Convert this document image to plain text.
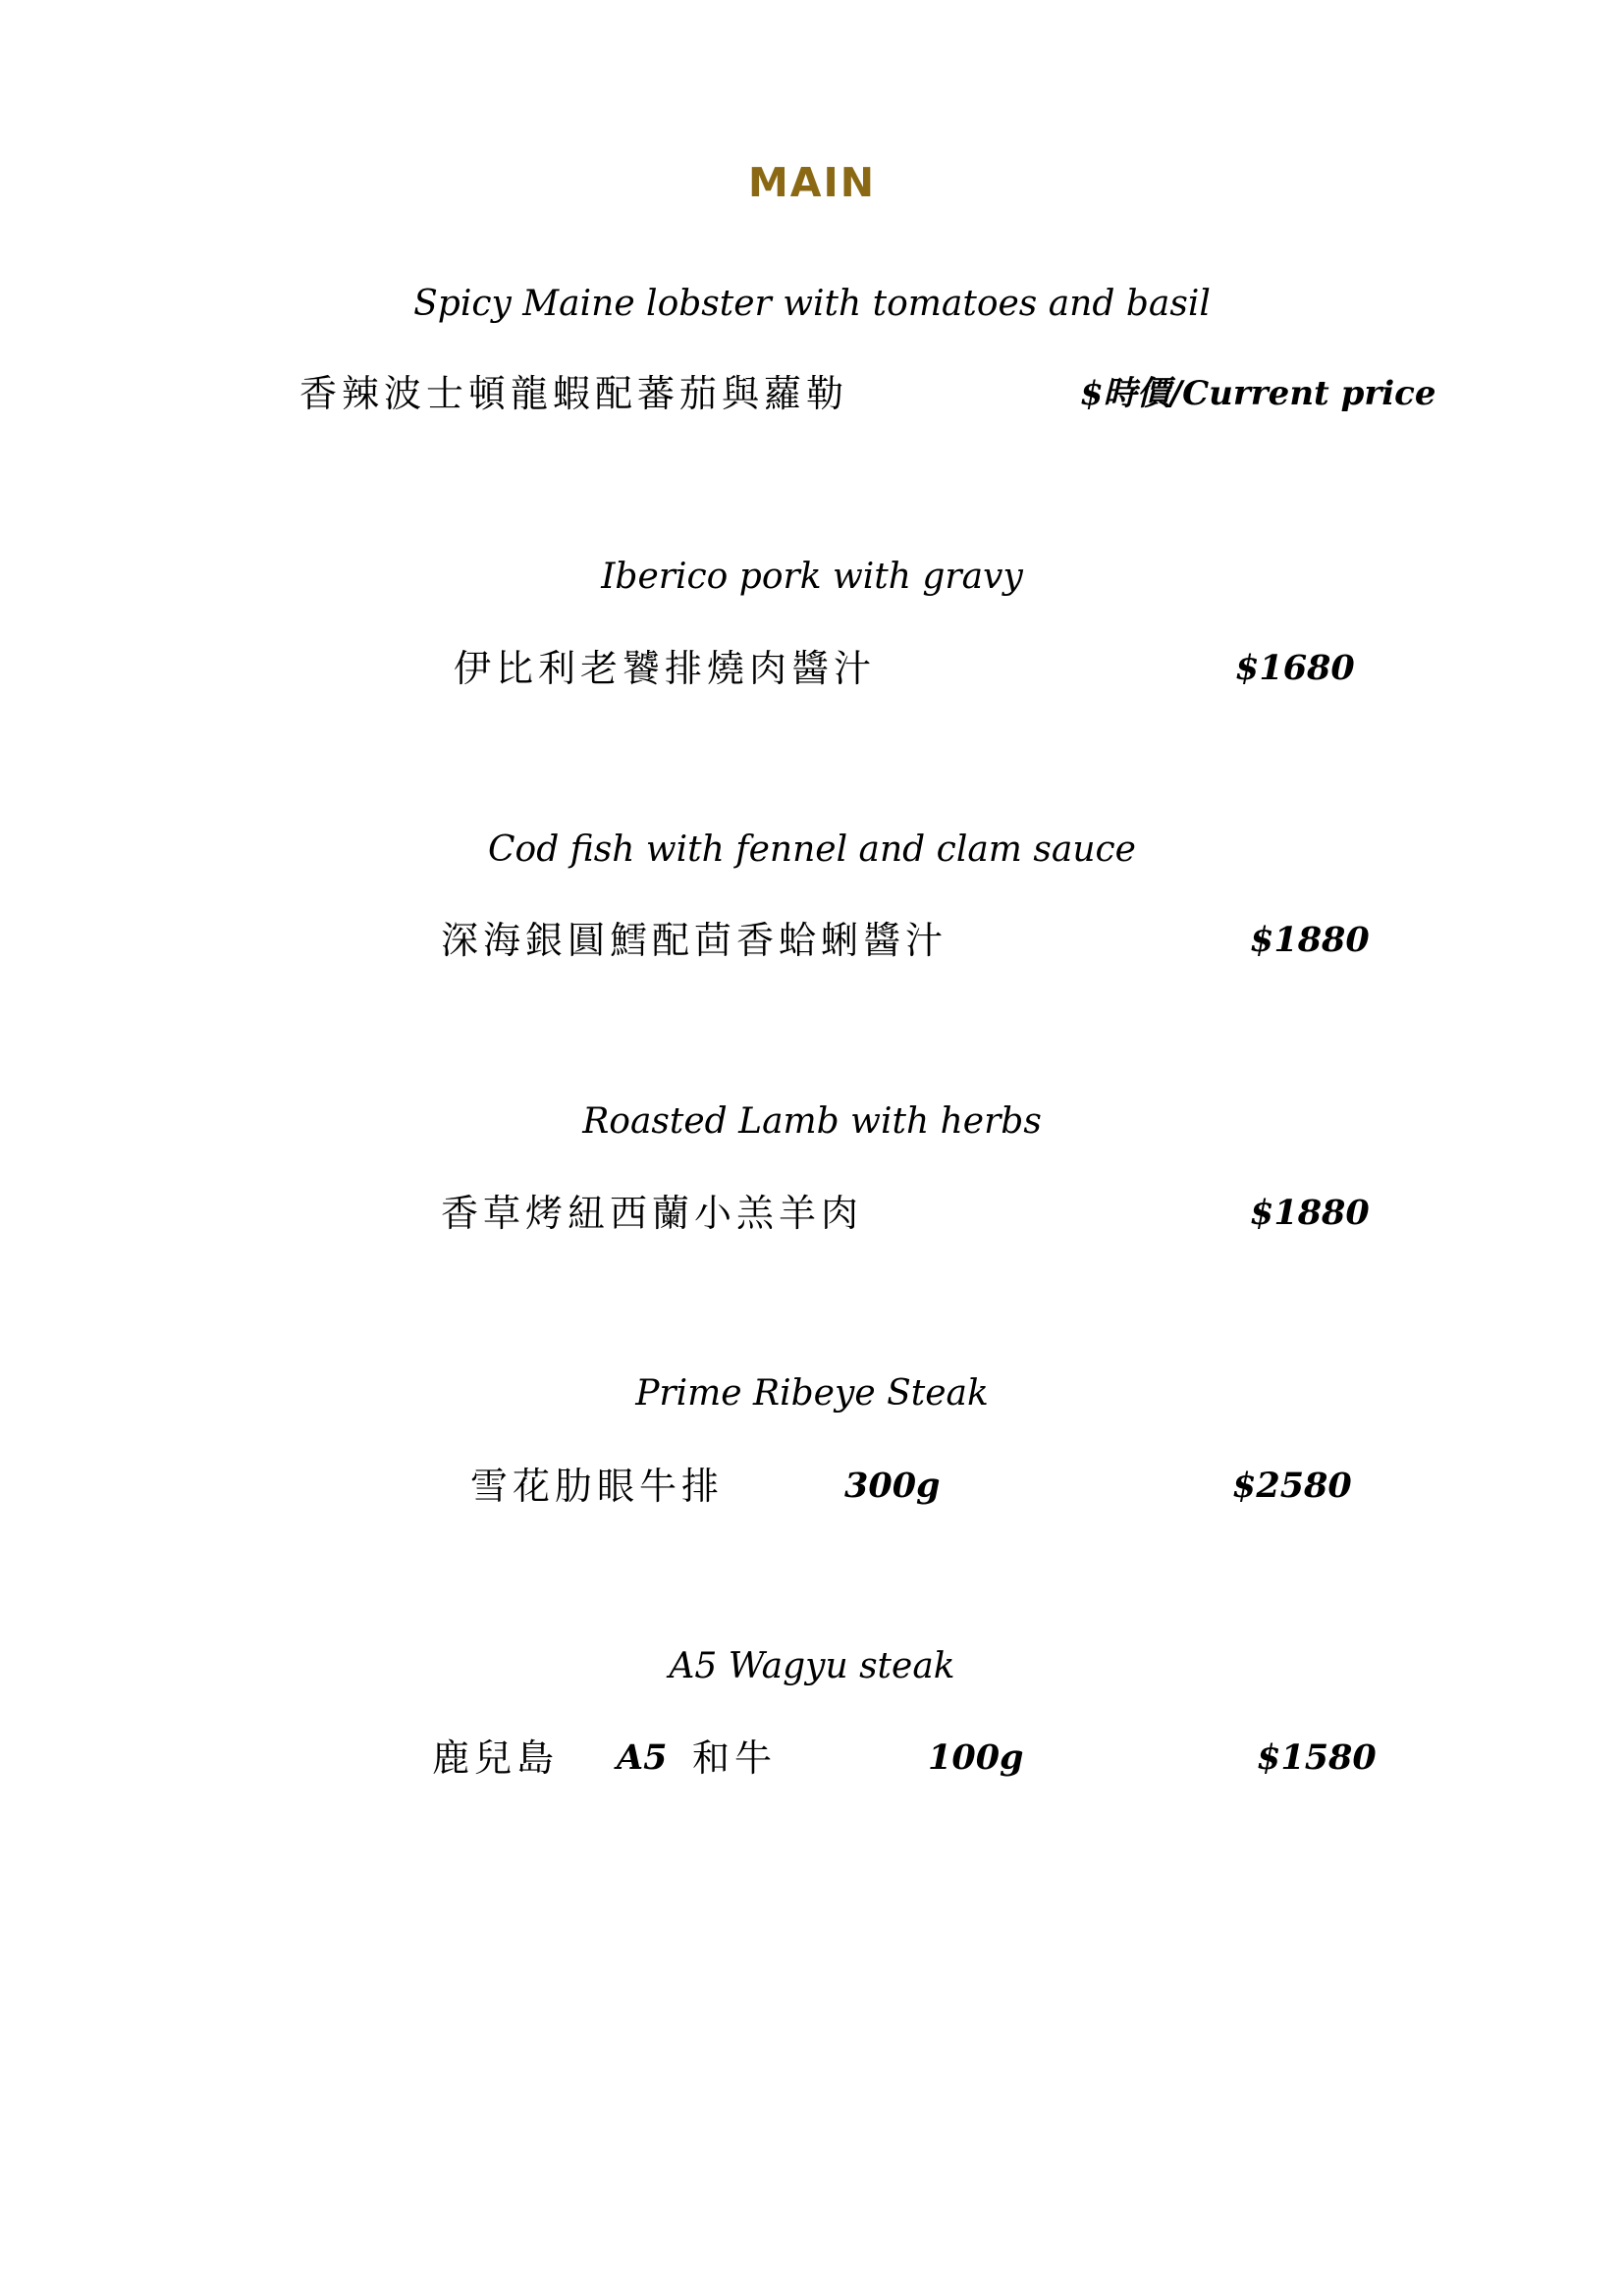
MAIN
Spicy Maine lobster with tomatoes and basil
香辣波士頓龍蝦配蕃茄與蘿勒	$時價/Current price
Iberico pork with gravy
伊比利老饕排燒肉醬汁	$1680
Cod fish with fennel and clam sauce
深海銀圓鱈配茴香蛤蜊醬汁	$1880
Roasted Lamb with herbs
香草烤紐西蘭小羔羊肉	$1880
Prime Ribeye Steak
雪花肋眼牛排	300g	$2580
A5 Wagyu steak
鹿兒島 A5 和牛	100g	$1580
